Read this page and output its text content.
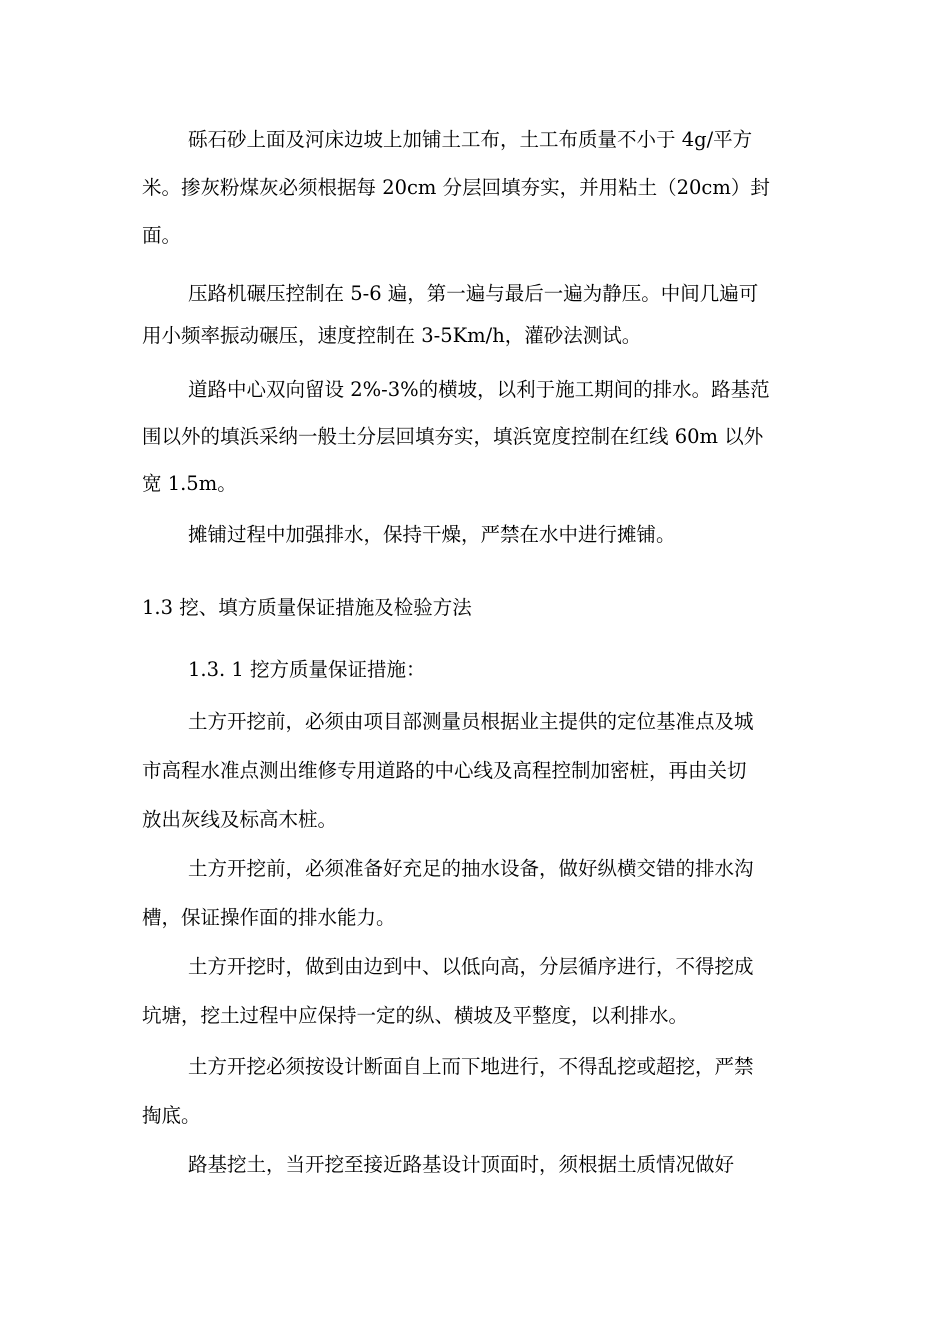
砾石砂上面及河床边坡上加铺土工布，土工布质量不小于 4g/平方
米。掺灰粉煤灰必须根据每 20cm 分层回填夯实，并用粘土（20cm）封
面。
压路机碾压控制在 5-6 遍，第一遍与最后一遍为静压。中间几遍可
用小频率振动碾压，速度控制在 3-5Km/h，灌砂法测试。
道路中心双向留设 2%-3%的横坡，以利于施工期间的排水。路基范
围以外的填浜采纳一般土分层回填夯实，填浜宽度控制在红线 60m 以外
宽 1.5m。
摊铺过程中加强排水，保持干燥，严禁在水中进行摊铺。
1.3 挖、填方质量保证措施及检验方法
1.3. 1 挖方质量保证措施：
土方开挖前，必须由项目部测量员根据业主提供的定位基准点及城
市高程水准点测出维修专用道路的中心线及高程控制加密桩，再由关切
放出灰线及标高木桩。
土方开挖前，必须准备好充足的抽水设备，做好纵横交错的排水沟
槽，保证操作面的排水能力。
土方开挖时，做到由边到中、以低向高，分层循序进行，不得挖成
坑塘，挖土过程中应保持一定的纵、横坡及平整度，以利排水。
土方开挖必须按设计断面自上而下地进行，不得乱挖或超挖，严禁
掏底。
路基挖土，当开挖至接近路基设计顶面时，须根据土质情况做好
